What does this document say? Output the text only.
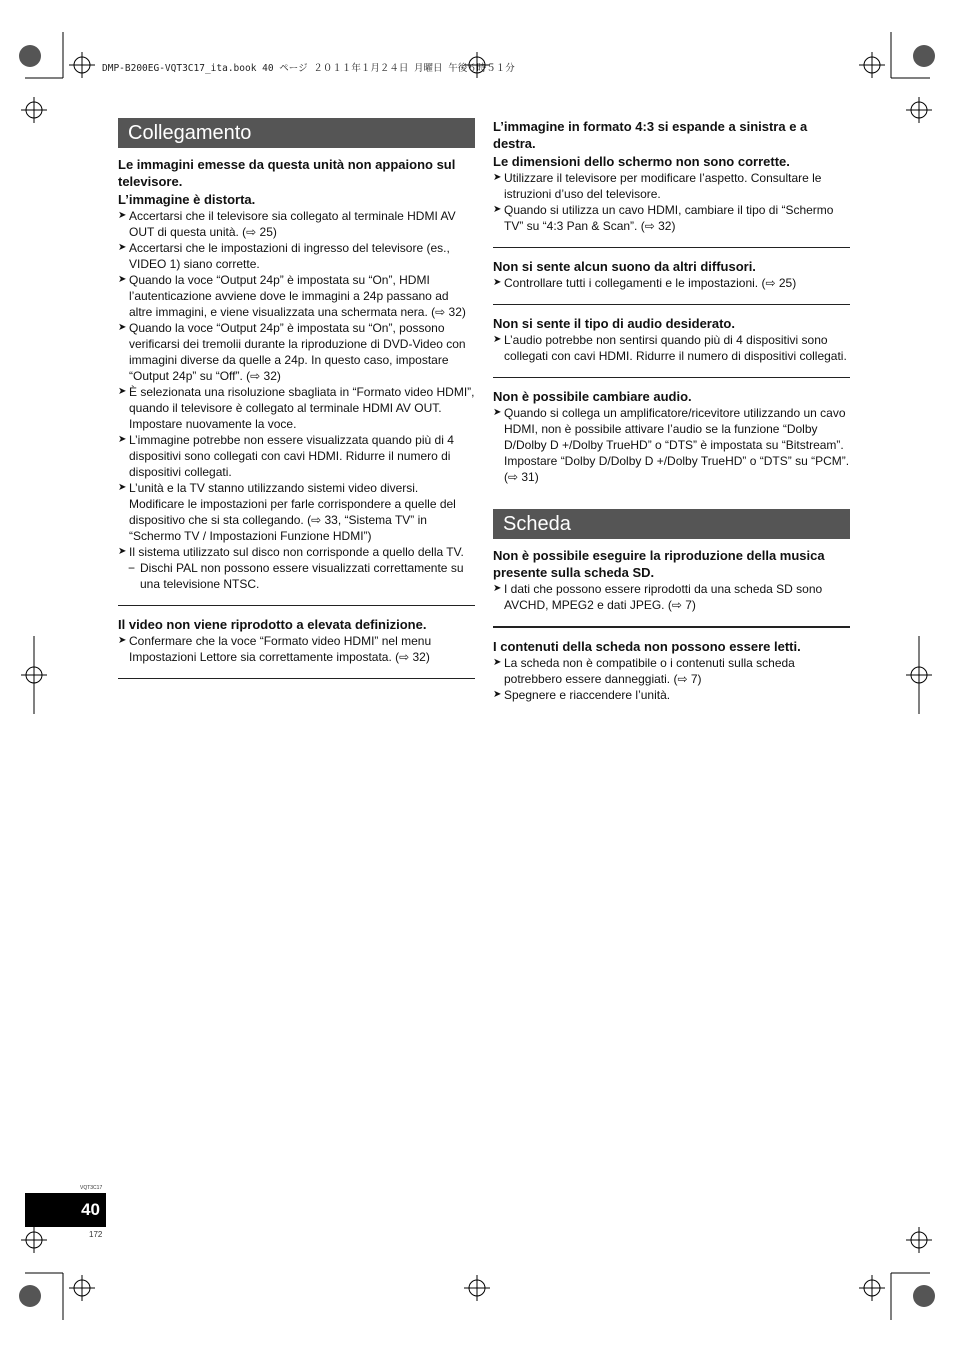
DMP-B200EG-VQT3C17_ita.book 40 ページ ２０１１年１月２４日 月曜日 午後６時５１分
Collegamento

Le immagini emesse da questa unità non appaiono sul televisore.

L’immagine è distorta.

➤ Accertarsi che il televisore sia collegato al terminale HDMI AV OUT di questa unità. (⇨ 25)
➤ Accertarsi che le impostazioni di ingresso del televisore (es., VIDEO 1) siano corrette.
➤ Quando la voce “Output 24p” è impostata su “On”, HDMI l’autenticazione avviene dove le immagini a 24p passano ad altre immagini, e viene visualizzata una schermata nera. (⇨ 32)
➤ Quando la voce “Output 24p” è impostata su “On”, possono verificarsi dei tremolii durante la riproduzione di DVD-Video con immagini diverse da quelle a 24p. In questo caso, impostare “Output 24p” su “Off”. (⇨ 32)
➤ È selezionata una risoluzione sbagliata in “Formato video HDMI”, quando il televisore è collegato al terminale HDMI AV OUT. Impostare nuovamente la voce.
➤ L’immagine potrebbe non essere visualizzata quando più di 4 dispositivi sono collegati con cavi HDMI. Ridurre il numero di dispositivi collegati.
➤ L’unità e la TV stanno utilizzando sistemi video diversi. Modificare le impostazioni per farle corrispondere a quelle del dispositivo che si sta collegando. (⇨ 33, “Sistema TV” in “Schermo TV / Impostazioni Funzione HDMI”)
➤ Il sistema utilizzato sul disco non corrisponde a quello della TV.
− Dischi PAL non possono essere visualizzati correttamente su una televisione NTSC.

Il video non viene riprodotto a elevata definizione.

➤ Confermare che la voce “Formato video HDMI” nel menu Impostazioni Lettore sia correttamente impostata. (⇨ 32)

L’immagine in formato 4:3 si espande a sinistra e a destra.

Le dimensioni dello schermo non sono corrette.

➤ Utilizzare il televisore per modificare l’aspetto. Consultare le istruzioni d’uso del televisore.
➤ Quando si utilizza un cavo HDMI, cambiare il tipo di “Schermo TV” su “4:3 Pan & Scan”. (⇨ 32)

Non si sente alcun suono da altri diffusori.

➤ Controllare tutti i collegamenti e le impostazioni. (⇨ 25)

Non si sente il tipo di audio desiderato.

➤ L’audio potrebbe non sentirsi quando più di 4 dispositivi sono collegati con cavi HDMI. Ridurre il numero di dispositivi collegati.

Non è possibile cambiare audio.

➤ Quando si collega un amplificatore/ricevitore utilizzando un cavo HDMI, non è possibile attivare l’audio se la funzione “Dolby D/Dolby D +/Dolby TrueHD” o “DTS” è impostata su “Bitstream”. Impostare “Dolby D/Dolby D +/Dolby TrueHD” o “DTS” su “PCM”. (⇨ 31)
Scheda

Non è possibile eseguire la riproduzione della musica presente sulla scheda SD.

➤ I dati che possono essere riprodotti da una scheda SD sono AVCHD, MPEG2 e dati JPEG. (⇨ 7)

I contenuti della scheda non possono essere letti.

➤ La scheda non è compatibile o i contenuti sulla scheda potrebbero essere danneggiati. (⇨ 7)
➤ Spegnere e riaccendere l’unità.
VQT3C17
40
172
